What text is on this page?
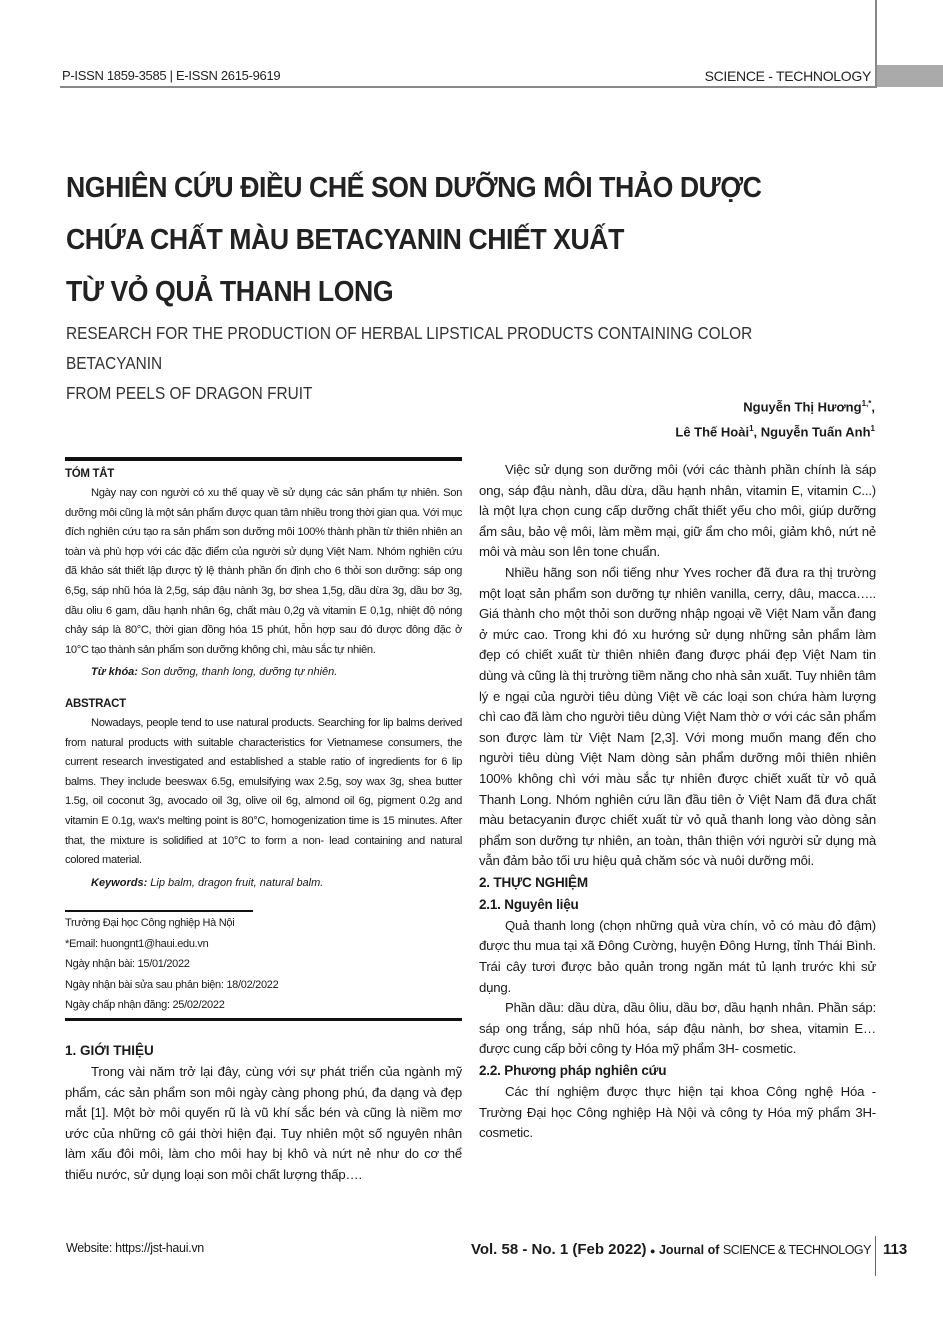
P-ISSN 1859-3585 | E-ISSN 2615-9619	SCIENCE - TECHNOLOGY
NGHIÊN CỨU ĐIỀU CHẾ SON DƯỠNG MÔI THẢO DƯỢC
CHỨA CHẤT MÀU BETACYANIN CHIẾT XUẤT
TỪ VỎ QUẢ THANH LONG
RESEARCH FOR THE PRODUCTION OF HERBAL LIPSTICAL PRODUCTS CONTAINING COLOR BETACYANIN
FROM PEELS OF DRAGON FRUIT
Nguyễn Thị Hương$^{1,*}$,
Lê Thế Hoài$^1$, Nguyễn Tuấn Anh$^1$
TÓM TẮT

Ngày nay con người có xu thế quay về sử dụng các sản phẩm tự nhiên. Son dưỡng môi cũng là một sản phẩm được quan tâm nhiều trong thời gian qua. Với mục đích nghiên cứu tạo ra sản phẩm son dưỡng môi 100% thành phần từ thiên nhiên an toàn và phù hợp với các đặc điểm của người sử dụng Việt Nam. Nhóm nghiên cứu đã khảo sát thiết lập được tỷ lệ thành phần ổn định cho 6 thỏi son dưỡng: sáp ong 6,5g, sáp nhũ hóa là 2,5g, sáp đậu nành 3g, bơ shea 1,5g, dầu dừa 3g, dầu bơ 3g, dầu oliu 6 gam, dầu hạnh nhân 6g, chất màu 0,2g và vitamin E 0,1g, nhiệt độ nóng chảy sáp là 80°C, thời gian đồng hóa 15 phút, hỗn hợp sau đó được đông đặc ở 10°C tạo thành sản phẩm son dưỡng không chì, màu sắc tự nhiên.

Từ khóa: Son dưỡng, thanh long, dưỡng tự nhiên.
ABSTRACT

Nowadays, people tend to use natural products. Searching for lip balms derived from natural products with suitable characteristics for Vietnamese consumers, the current research investigated and established a stable ratio of ingredients for 6 lip balms. They include beeswax 6.5g, emulsifying wax 2.5g, soy wax 3g, shea butter 1.5g, oil coconut 3g, avocado oil 3g, olive oil 6g, almond oil 6g, pigment 0.2g and vitamin E 0.1g, wax's melting point is 80°C, homogenization time is 15 minutes. After that, the mixture is solidified at 10°C to form a non- lead containing and natural colored material.

Keywords: Lip balm, dragon fruit, natural balm.
Trường Đại học Công nghiệp Hà Nội
*Email: huongnt1@haui.edu.vn
Ngày nhận bài: 15/01/2022
Ngày nhận bài sửa sau phản biện: 18/02/2022
Ngày chấp nhận đăng: 25/02/2022
1. GIỚI THIỆU

Trong vài năm trở lại đây, cùng với sự phát triển của ngành mỹ phẩm, các sản phẩm son môi ngày càng phong phú, đa dạng và đẹp mắt [1]. Một bờ môi quyến rũ là vũ khí sắc bén và cũng là niềm mơ ước của những cô gái thời hiện đại. Tuy nhiên một số nguyên nhân làm xấu đôi môi, làm cho môi hay bị khô và nứt nẻ như do cơ thể thiếu nước, sử dụng loại son môi chất lượng thấp….

Việc sử dụng son dưỡng môi (với các thành phần chính là sáp ong, sáp đậu nành, dầu dừa, dầu hạnh nhân, vitamin E, vitamin C...) là một lựa chọn cung cấp dưỡng chất thiết yếu cho môi, giúp dưỡng ẩm sâu, bảo vệ môi, làm mềm mại, giữ ẩm cho môi, giảm khô, nứt nẻ môi và màu son lên tone chuẩn.

Nhiều hãng son nổi tiếng như Yves rocher đã đưa ra thị trường một loạt sản phẩm son dưỡng tự nhiên vanilla, cerry, dâu, macca….. Giá thành cho một thỏi son dưỡng nhập ngoại về Việt Nam vẫn đang ở mức cao. Trong khi đó xu hướng sử dụng những sản phẩm làm đẹp có chiết xuất từ thiên nhiên đang được phái đẹp Việt Nam tin dùng và cũng là thị trường tiềm năng cho nhà sản xuất. Tuy nhiên tâm lý e ngại của người tiêu dùng Việt về các loại son chứa hàm lượng chì cao đã làm cho người tiêu dùng Việt Nam thờ ơ với các sản phẩm son được làm từ Việt Nam [2,3]. Với mong muốn mang đến cho người tiêu dùng Việt Nam dòng sản phẩm dưỡng môi thiên nhiên 100% không chì với màu sắc tự nhiên được chiết xuất từ vỏ quả Thanh Long. Nhóm nghiên cứu lần đầu tiên ở Việt Nam đã đưa chất màu betacyanin được chiết xuất từ vỏ quả thanh long vào dòng sản phẩm son dưỡng tự nhiên, an toàn, thân thiện với người sử dụng mà vẫn đảm bảo tối ưu hiệu quả chăm sóc và nuôi dưỡng môi.

2. THỰC NGHIỆM
2.1. Nguyên liệu

Quả thanh long (chọn những quả vừa chín, vỏ có màu đỏ đậm) được thu mua tại xã Đông Cường, huyện Đông Hưng, tỉnh Thái Bình. Trái cây tươi được bảo quản trong ngăn mát tủ lạnh trước khi sử dụng.

Phần dầu: dầu dừa, dầu ôliu, dầu bơ, dầu hạnh nhân. Phần sáp: sáp ong trắng, sáp nhũ hóa, sáp đậu nành, bơ shea, vitamin E… được cung cấp bởi công ty Hóa mỹ phẩm 3H- cosmetic.

2.2. Phương pháp nghiên cứu

Các thí nghiệm được thực hiện tại khoa Công nghệ Hóa - Trường Đại học Công nghiệp Hà Nội và công ty Hóa mỹ phẩm 3H-cosmetic.

Website: https://jst-haui.vn	Vol. 58 - No. 1 (Feb 2022) ● Journal of SCIENCE & TECHNOLOGY 113
